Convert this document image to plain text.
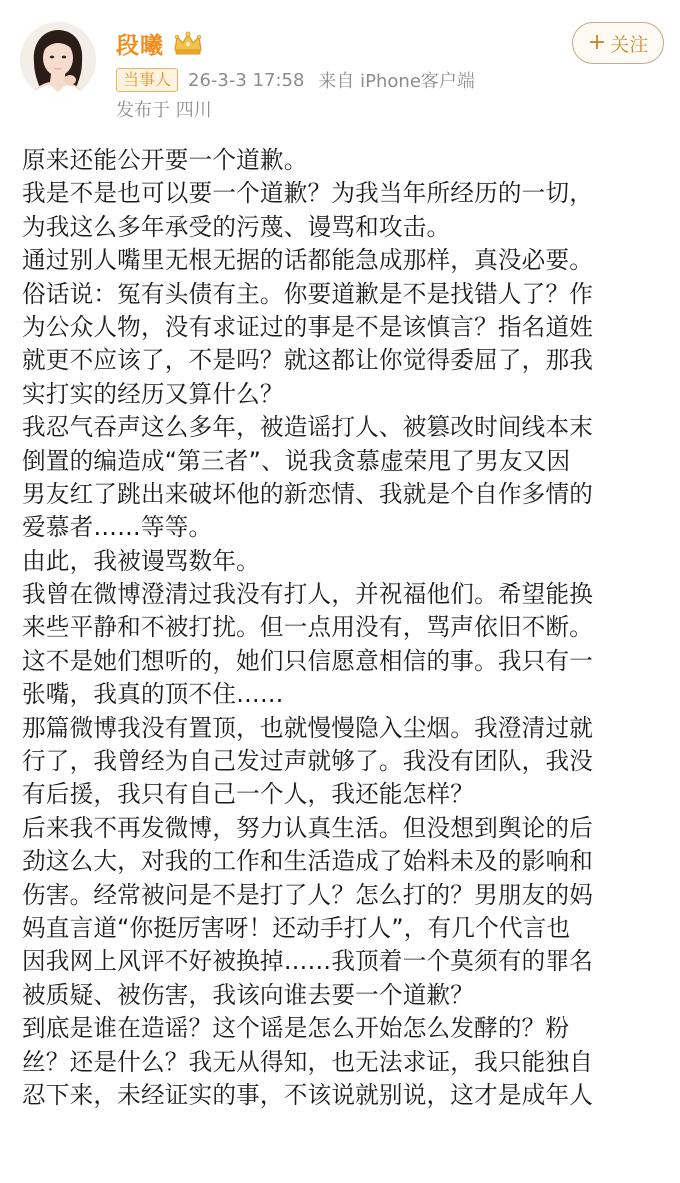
段曦
当事人 26-3-3 17:58 来自 iPhone客户端
发布于 四川
+ 关注
原来还能公开要一个道歉。
我是不是也可以要一个道歉？为我当年所经历的一切，
为我这么多年承受的污蔑、谩骂和攻击。
通过别人嘴里无根无据的话都能急成那样，真没必要。
俗话说：冤有头债有主。你要道歉是不是找错人了？作
为公众人物，没有求证过的事是不是该慎言？指名道姓
就更不应该了，不是吗？就这都让你觉得委屈了，那我
实打实的经历又算什么？
我忍气吞声这么多年，被造谣打人、被篡改时间线本末
倒置的编造成“第三者”、说我贪慕虚荣甩了男友又因
男友红了跳出来破坏他的新恋情、我就是个自作多情的
爱慕者……等等。
由此，我被谩骂数年。
我曾在微博澄清过我没有打人，并祝福他们。希望能换
来些平静和不被打扰。但一点用没有，骂声依旧不断。
这不是她们想听的，她们只信愿意相信的事。我只有一
张嘴，我真的顶不住……
那篇微博我没有置顶，也就慢慢隐入尘烟。我澄清过就
行了，我曾经为自己发过声就够了。我没有团队，我没
有后援，我只有自己一个人，我还能怎样？
后来我不再发微博，努力认真生活。但没想到舆论的后
劲这么大，对我的工作和生活造成了始料未及的影响和
伤害。经常被问是不是打了人？怎么打的？男朋友的妈
妈直言道“你挺厉害呀！还动手打人”，有几个代言也
因我网上风评不好被换掉……我顶着一个莫须有的罪名
被质疑、被伤害，我该向谁去要一个道歉？
到底是谁在造谣？这个谣是怎么开始怎么发酵的？粉
丝？还是什么？我无从得知，也无法求证，我只能独自
忍下来，未经证实的事，不该说就别说，这才是成年人
